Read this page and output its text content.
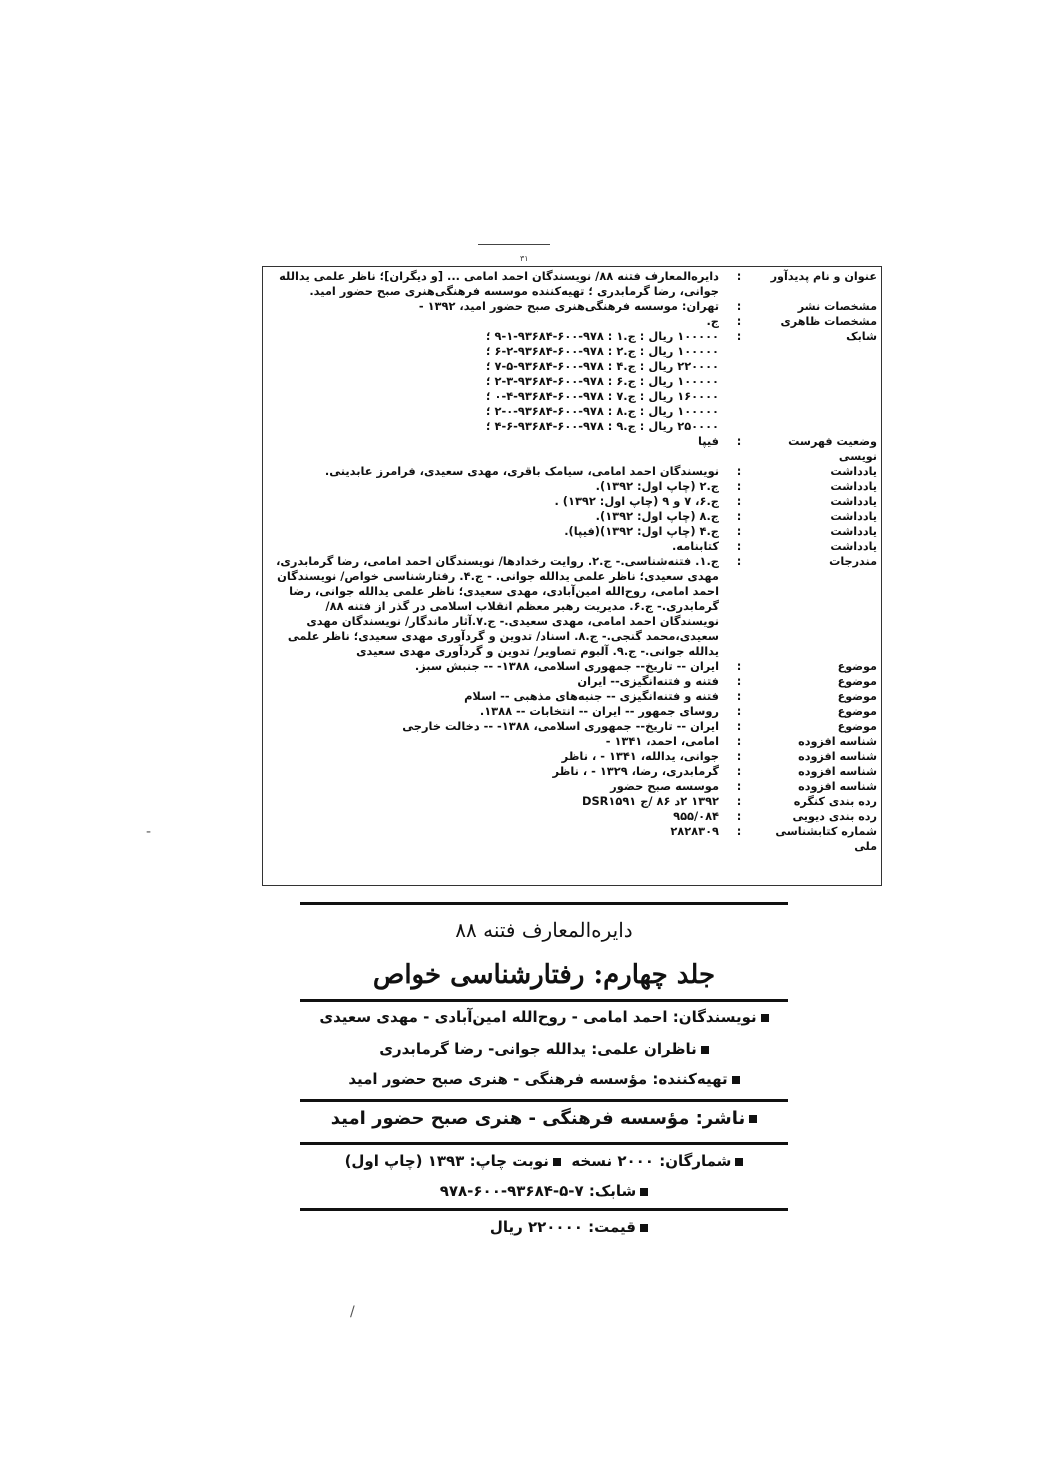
٣١
عنوان و نام پدیدآور
:
دایره‌المعارف فتنه ۸۸/ نویسندگان احمد امامی ... [و دیگران]؛ ناظر علمی یدالله جوانی، رضا گرمابدری ؛ تهیه‌کننده موسسه فرهنگی‌هنری صبح حضور امید.
مشخصات نشر
:
تهران: موسسه فرهنگی‌هنری صبح حضور امید، ۱۳۹۲ -
مشخصات ظاهری
:
ج.
شابک
:
۱۰۰۰۰۰ ریال : ج.۱ : ۹۷۸-۶۰۰-۹۳۶۸۴-۱-۹ ؛
۱۰۰۰۰۰ ریال : ج.۲ : ۹۷۸-۶۰۰-۹۳۶۸۴-۲-۶ ؛
۲۲۰۰۰۰ ریال : ج.۴ : ۹۷۸-۶۰۰-۹۳۶۸۴-۵-۷ ؛
۱۰۰۰۰۰ ریال : ج.۶ : ۹۷۸-۶۰۰-۹۳۶۸۴-۳-۲ ؛
۱۶۰۰۰۰ ریال : ج.۷ : ۹۷۸-۶۰۰-۹۳۶۸۴-۴-۰ ؛
۱۰۰۰۰۰ ریال : ج.۸ : ۹۷۸-۶۰۰-۹۳۶۸۴-۰-۲ ؛
۲۵۰۰۰۰ ریال : ج.۹ : ۹۷۸-۶۰۰-۹۳۶۸۴-۶-۴ ؛
وضعیت فهرست نویسی
:
فیپا
یادداشت
:
نویسندگان احمد امامی، سیامک باقری، مهدی سعیدی، فرامرز عابدینی.
یادداشت
:
ج.۲ (چاپ اول: ۱۳۹۲).
یادداشت
:
ج.۶، ۷ و ۹ (چاپ اول: ۱۳۹۲) .
یادداشت
:
ج.۸ (چاپ اول: ۱۳۹۲).
یادداشت
:
ج.۴ (چاپ اول: ۱۳۹۲)(فیپا).
یادداشت
:
کتابنامه.
مندرجات
:
ج.۱. فتنه‌شناسی.- ج.۲. روایت رخدادها/ نویسندگان احمد امامی، رضا گرمابدری، مهدی سعیدی؛ ناظر علمی یدالله جوانی. - ج.۴. رفتارشناسی خواص/ نویسندگان احمد امامی، روح‌الله امین‌آبادی، مهدی سعیدی؛ ناظر علمی یدالله جوانی، رضا گرمابدری.- ج.۶. مدیریت رهبر معظم انقلاب اسلامی در گذر از فتنه ۸۸/ نویسندگان احمد امامی، مهدی سعیدی.- ج.۷.آثار ماندگار/ نویسندگان مهدی سعیدی،محمد گنجی.- ج.۸. اسناد/ تدوین و گردآوری مهدی سعیدی؛ ناظر علمی یدالله جوانی.- ج.۹. آلبوم تصاویر/ تدوین و گردآوری مهدی سعیدی
موضوع
:
ایران -- تاریخ-- جمهوری اسلامی، ۱۳۸۸- -- جنبش سبز.
موضوع
:
فتنه و فتنه‌انگیزی-- ایران
موضوع
:
فتنه و فتنه‌انگیزی -- جنبه‌های مذهبی -- اسلام
موضوع
:
روسای جمهور -- ایران -- انتخابات -- ۱۳۸۸.
موضوع
:
ایران -- تاریخ-- جمهوری اسلامی، ۱۳۸۸- -- دخالت خارجی
شناسه افزوده
:
امامی، احمد، ۱۳۴۱ -
شناسه افزوده
:
جوانی، یدالله، ۱۳۴۱ - ، ناظر
شناسه افزوده
:
گرمابدری، رضا، ۱۳۲۹ - ، ناظر
شناسه افزوده
:
موسسه صبح حضور
رده بندی کنگره
:
۱۳۹۲ ۲د ۸۶ /ج DSR۱۵۹۱
رده بندی دیویی
:
۹۵۵/۰۸۴
شماره کتابشناسی ملی
:
۲۸۲۸۳۰۹
دایره‌المعارف فتنه ۸۸
جلد چهارم: رفتارشناسی خواص
نویسندگان: احمد امامی - روح‌الله امین‌آبادی - مهدی سعیدی
ناظران علمی: یدالله جوانی- رضا گرمابدری
تهیه‌کننده: مؤسسه فرهنگی - هنری صبح حضور امید
ناشر: مؤسسه فرهنگی - هنری صبح حضور امید
شمارگان: ۲۰۰۰ نسخه  نوبت چاپ: ۱۳۹۳ (چاپ اول)
شابک: ۷-۵-۹۳۶۸۴-۶۰۰-۹۷۸
قیمت: ۲۲۰۰۰۰ ریال
-
/
